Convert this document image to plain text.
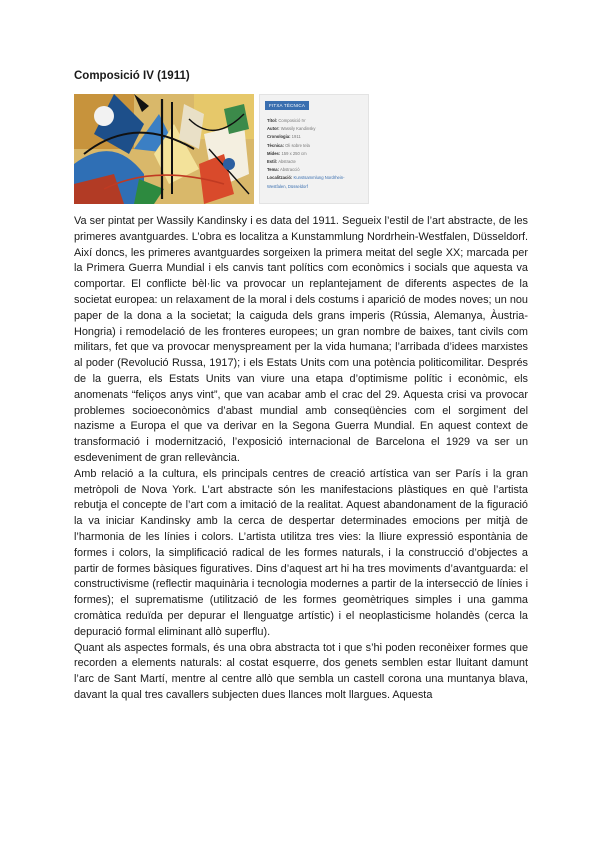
Composició IV (1911)
FITXA TÈCNICA
Títol: Composició IV
Autor: Wassily Kandinsky
Cronologia: 1911
Tècnica: Oli sobre tela
Mides: 159 x 250 cm
Estil: Abstracte
Tema: Abstracció
Localització: Kunstsammlung Nordrhein-
Westfalen, Düsseldorf

Va ser pintat per Wassily Kandinsky i es data del 1911. Segueix l’estil de l’art abstracte, de les primeres avantguardes. L’obra es localitza a Kunstammlung Nordrhein-Westfalen, Düsseldorf. Així doncs, les primeres avantguardes sorgeixen la primera meitat del segle XX; marcada per la Primera Guerra Mundial i els canvis tant polítics com econòmics i socials que aquesta va comportar. El conflicte bèl·lic va provocar un replantejament de diferents aspectes de la societat europea: un relaxament de la moral i dels costums i aparició de modes noves; un nou paper de la dona a la societat; la caiguda dels grans imperis (Rússia, Alemanya, Àustria-Hongria) i remodelació de les fronteres europees; un gran nombre de baixes, tant civils com militars, fet que va provocar menyspreament per la vida humana; l’arribada d’idees marxistes al poder (Revolució Russa, 1917); i els Estats Units com una potència politicomilitar. Després de la guerra, els Estats Units van viure una etapa d’optimisme polític i econòmic, els anomenats “feliços anys vint”, que van acabar amb el crac del 29. Aquesta crisi va provocar problemes socioeconòmics d’abast mundial amb conseqüències com el sorgiment del nazisme a Europa el que va derivar en la Segona Guerra Mundial. En aquest context de transformació i modernització, l’exposició internacional de Barcelona el 1929 va ser un esdeveniment de gran rellevància.

Amb relació a la cultura, els principals centres de creació artística van ser París i la gran metròpoli de Nova York. L’art abstracte són les manifestacions plàstiques en què l’artista rebutja el concepte de l’art com a imitació de la realitat. Aquest abandonament de la figuració la va iniciar Kandinsky amb la cerca de despertar determinades emocions per mitjà de l’harmonia de les línies i colors. L’artista utilitza tres vies: la lliure expressió espontània de formes i colors, la simplificació radical de les formes naturals, i la construcció d’objectes a partir de formes bàsiques figuratives. Dins d’aquest art hi ha tres moviments d’avantguarda: el constructivisme (reflectir maquinària i tecnologia modernes a partir de la intersecció de línies i formes); el suprematisme (utilització de les formes geomètriques simples i una gamma cromàtica reduïda per depurar el llenguatge artístic) i el neoplasticisme holandès (cerca la depuració formal eliminant allò superflu).

Quant als aspectes formals, és una obra abstracta tot i que s’hi poden reconèixer formes que recorden a elements naturals: al costat esquerre, dos genets semblen estar lluitant damunt l’arc de Sant Martí, mentre al centre allò que sembla un castell corona una muntanya blava, davant la qual tres cavallers subjecten dues llances molt llargues. Aquesta
